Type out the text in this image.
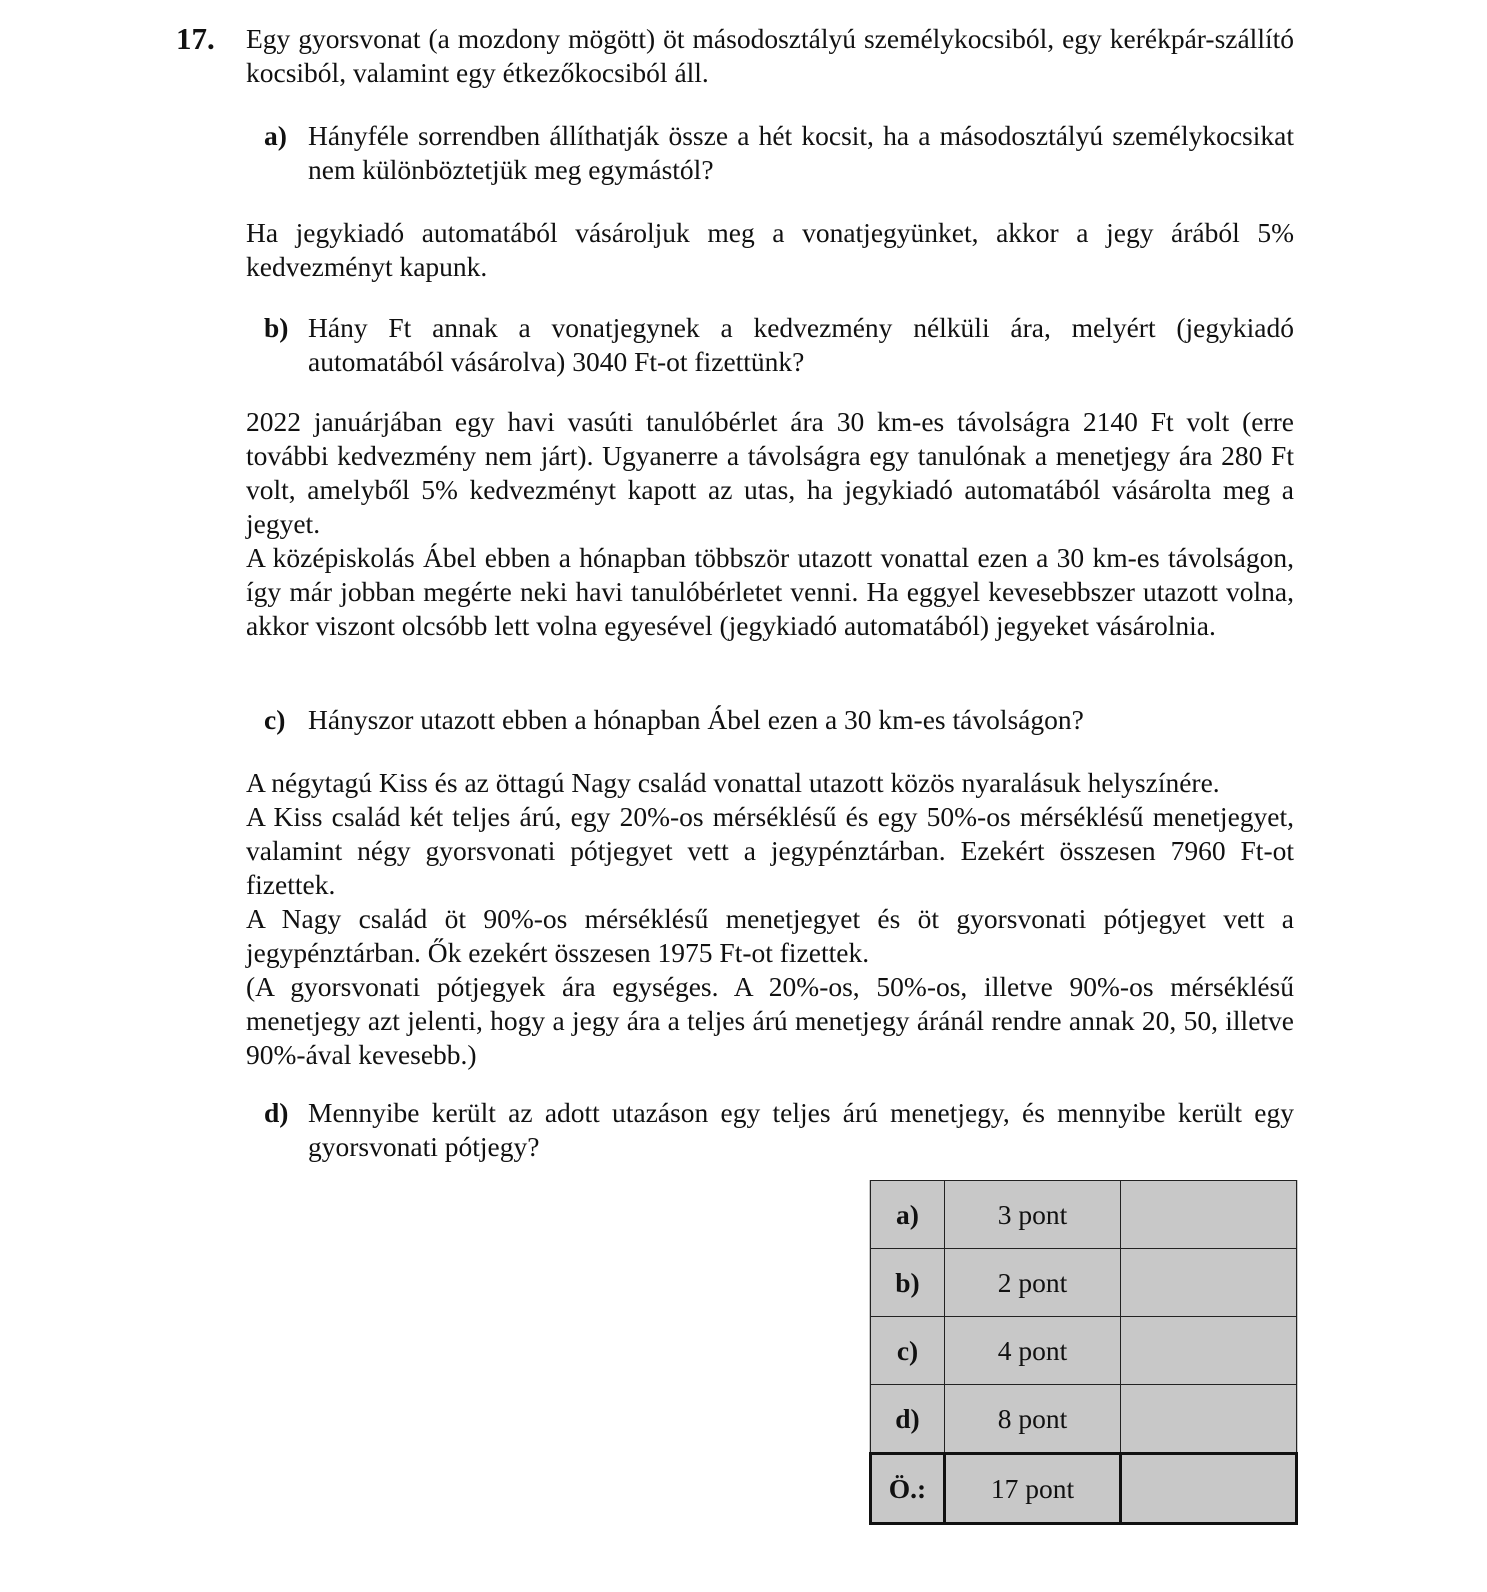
17. Egy gyorsvonat (a mozdony mögött) öt másodosztályú személykocsiból, egy kerékpár-szállító kocsiból, valamint egy étkezőkocsiból áll.

a) Hányféle sorrendben állíthatják össze a hét kocsit, ha a másodosztályú személykocsikat nem különböztetjük meg egymástól?

Ha jegykiadó automatából vásároljuk meg a vonatjegyünket, akkor a jegy árából 5% kedvezményt kapunk.

b) Hány Ft annak a vonatjegynek a kedvezmény nélküli ára, melyért (jegykiadó automatából vásárolva) 3040 Ft-ot fizettünk?

2022 januárjában egy havi vasúti tanulóbérlet ára 30 km-es távolságra 2140 Ft volt (erre további kedvezmény nem járt). Ugyanerre a távolságra egy tanulónak a menetjegy ára 280 Ft volt, amelyből 5% kedvezményt kapott az utas, ha jegykiadó automatából vásárolta meg a jegyet.

A középiskolás Ábel ebben a hónapban többször utazott vonattal ezen a 30 km-es távolságon, így már jobban megérte neki havi tanulóbérletet venni. Ha eggyel kevesebbszer utazott volna, akkor viszont olcsóbb lett volna egyesével (jegykiadó automatából) jegyeket vásárolnia.

c) Hányszor utazott ebben a hónapban Ábel ezen a 30 km-es távolságon?

A négytagú Kiss és az öttagú Nagy család vonattal utazott közös nyaralásuk helyszínére.

A Kiss család két teljes árú, egy 20%-os mérséklésű és egy 50%-os mérséklésű menetjegyet, valamint négy gyorsvonati pótjegyet vett a jegypénztárban. Ezekért összesen 7960 Ft-ot fizettek.

A Nagy család öt 90%-os mérséklésű menetjegyet és öt gyorsvonati pótjegyet vett a jegypénztárban. Ők ezekért összesen 1975 Ft-ot fizettek.

(A gyorsvonati pótjegyek ára egységes. A 20%-os, 50%-os, illetve 90%-os mérséklésű menetjegy azt jelenti, hogy a jegy ára a teljes árú menetjegy áránál rendre annak 20, 50, illetve 90%-ával kevesebb.)

d) Mennyibe került az adott utazáson egy teljes árú menetjegy, és mennyibe került egy gyorsvonati pótjegy?
a)	3 pont	
b)	2 pont	
c)	4 pont	
d)	8 pont	
Ö.:	17 pont	
